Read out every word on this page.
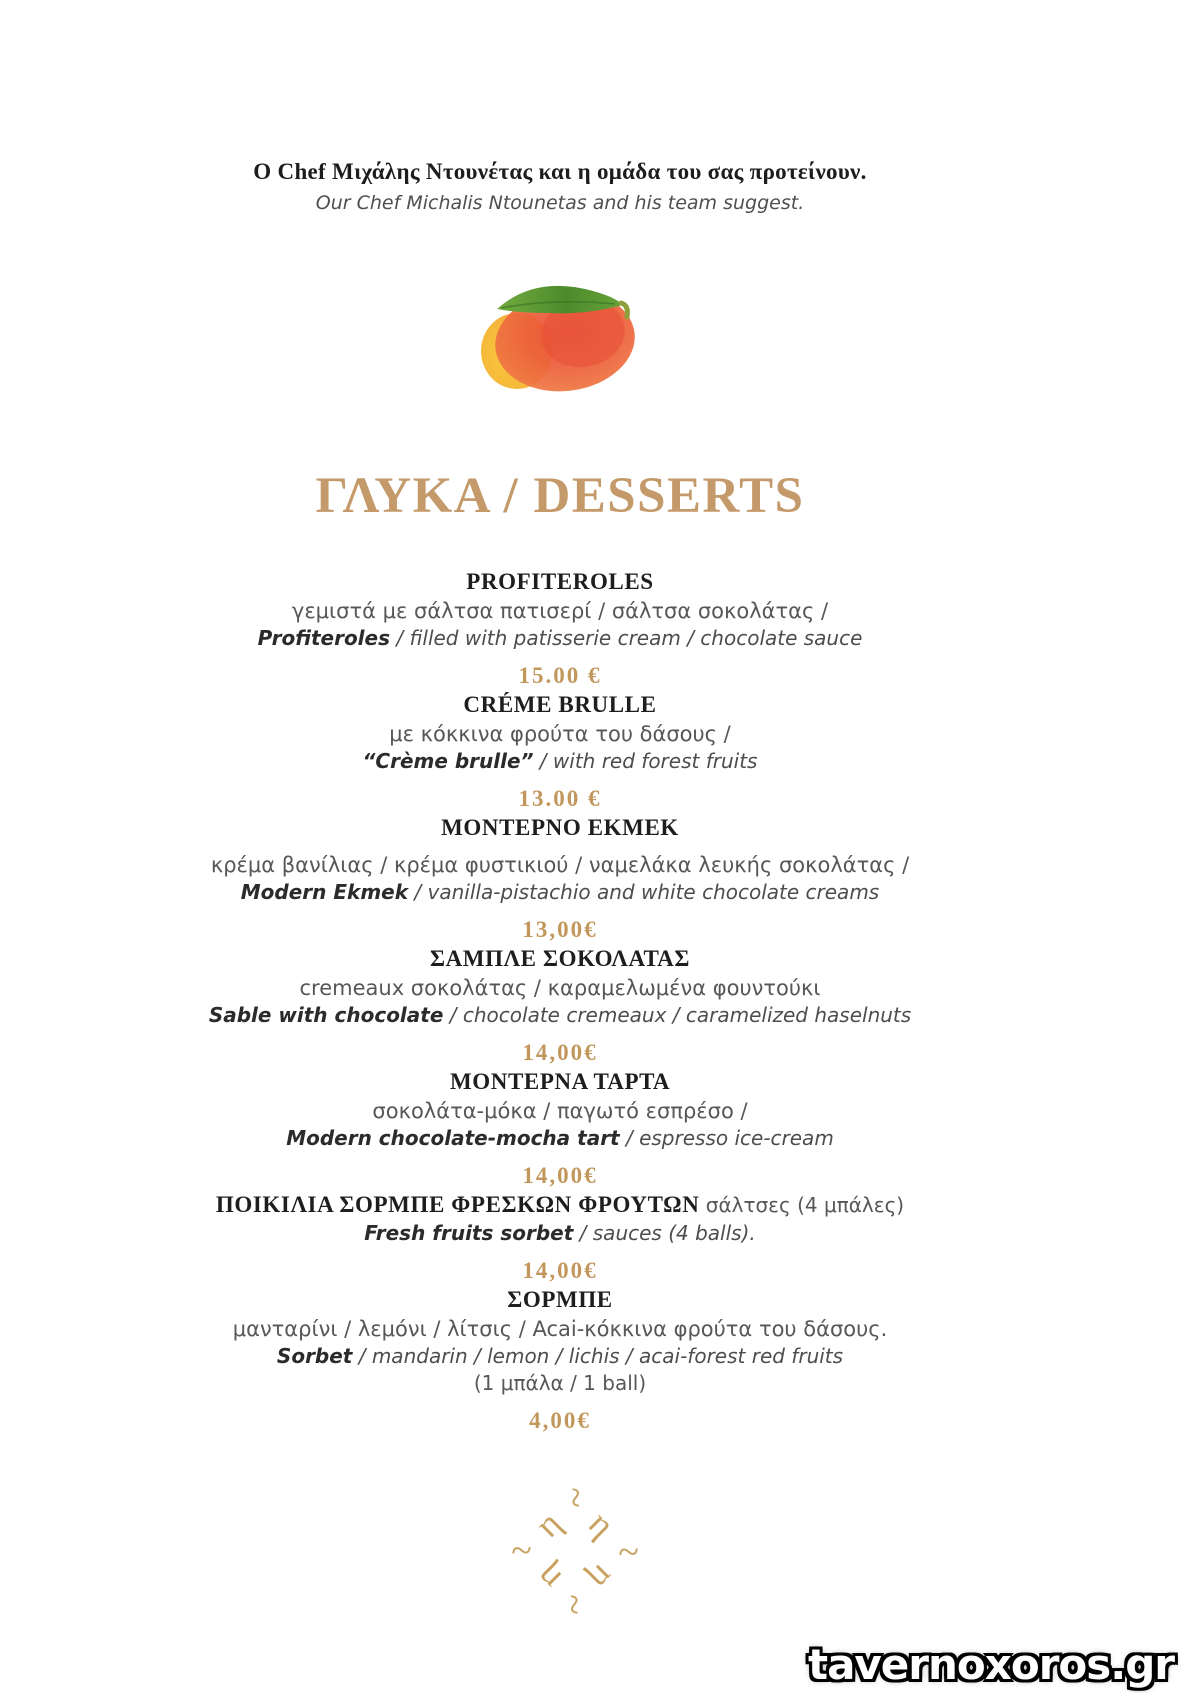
Ο Chef Μιχάλης Ντουνέτας και η ομάδα του σας προτείνουν.
Our Chef Michalis Ntounetas and his team suggest.
ΓΛΥΚΑ / DESSERTS
PROFITEROLES
γεμιστά με σάλτσα πατισερί / σάλτσα σοκολάτας /
Profiteroles / filled with patisserie cream / chocolate sauce
15.00 €
CRÉME BRULLE
με κόκκινα φρούτα του δάσους /
“Crème brulle” / with red forest fruits
13.00 €
ΜΟΝΤΕΡΝΟ ΕΚΜΕΚ
κρέμα βανίλιας / κρέμα φυστικιού / ναμελάκα λευκής σοκολάτας /
Modern Ekmek / vanilla-pistachio and white chocolate creams
13,00€
ΣΑΜΠΛΕ ΣΟΚΟΛΑΤΑΣ
cremeaux σοκολάτας / καραμελωμένα φουντούκι
Sable with chocolate / chocolate cremeaux / caramelized haselnuts
14,00€
ΜΟΝΤΕΡΝΑ ΤΑΡΤΑ
σοκολάτα-μόκα / παγωτό εσπρέσο /
Modern chocolate-mocha tart / espresso ice-cream
14,00€
ΠΟΙΚΙΛΙΑ ΣΟΡΜΠΕ ΦΡΕΣΚΩΝ ΦΡΟΥΤΩΝ σάλτσες (4 μπάλες)
Fresh fruits sorbet / sauces (4 balls).
14,00€
ΣΟΡΜΠΕ
μανταρίνι / λεμόνι / λίτσις / Acai-κόκκινα φρούτα του δάσους.
Sorbet / mandarin / lemon / lichis / acai-forest red fruits
(1 μπάλα / 1 ball)
4,00€
~
η
~
η
~
η
~
η
tavernoxoros.gr
